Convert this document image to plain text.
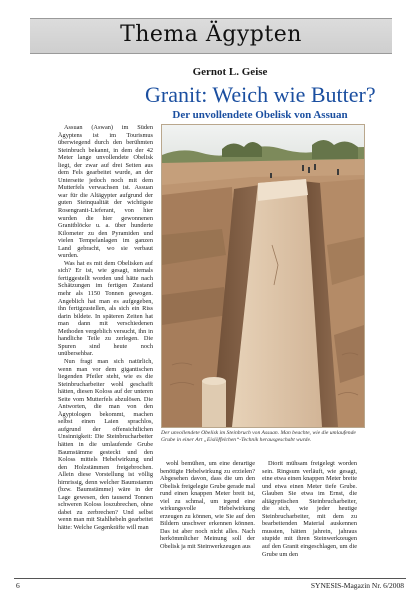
Thema Ägypten
Gernot L. Geise
Granit: Weich wie Butter?
Der unvollendete Obelisk von Assuan

Assuan (Aswan) im Süden Ägyptens ist im Tourismus überwiegend durch den berühmten Steinbruch bekannt, in dem der 42 Meter lange unvollendete Obelisk liegt, der zwar auf drei Seiten aus dem Fels gearbeitet wurde, an der Unterseite jedoch noch mit dem Mutterfels verwachsen ist. Assuan war für die Altägypter aufgrund der guten Steinqualität der wichtigste Rosengranit-Lieferant, von hier wurden die hier gewonnenen Granitblöcke u. a. über hunderte Kilometer zu den Pyramiden und vielen Tempelanlagen im ganzen Land gebracht, wo sie verbaut wurden.

Was hat es mit dem Obelisken auf sich? Er ist, wie gesagt, niemals fertiggestellt worden und hätte nach Schätzungen im fertigen Zustand mehr als 1150 Tonnen gewogen. Angeblich hat man es aufgegeben, ihn fertigzustellen, als sich ein Riss darin bildete. In späteren Zeiten hat man dann mit verschiedenen Methoden vergeblich versucht, ihn in handliche Teile zu zerlegen. Die Spuren sind heute noch unübersehbar.

Nun fragt man sich natürlich, wenn man vor dem gigantischen liegenden Pfeiler steht, wie es die Steinbrucharbeiter wohl geschafft hätten, diesen Koloss auf der unteren Seite vom Mutterfels abzulösen. Die Antworten, die man von den Ägyptologen bekommt, machen selbst einen Laien sprachlos, aufgrund der offensichtlichen Unsinnigkeit: Die Steinbrucharbeiter hätten in die umlaufende Grube Baumstämme gesteckt und den Koloss mittels Hebelwirkung und den Holzstämmen freigebrochen. Allein diese Vorstellung ist völlig hirnrissig, denn welcher Baumstamm (bzw. Baumstämme) wäre in der Lage gewesen, den tausend Tonnen schweren Koloss loszubrechen, ohne dabei zu zerbrechen? Und selbst wenn man mit Stahlhebeln gearbeitet hätte: Welche Gegenkräfte will man

Der unvollendete Obelisk im Steinbruch von Assuan. Man beachte, wie die umlaufende Grube in einer Art „Eislöffelchen“-Technik herausgeschabt wurde.

wohl bemühen, um eine derartige benötigte Hebelwirkung zu erzielen? Abgesehen davon, dass die um den Obelisk freigelegte Grube gerade mal rund einen knappen Meter breit ist, viel zu schmal, um irgend eine wirkungsvolle Hebelwirkung erzeugen zu können, wie Sie auf den Bildern unschwer erkennen können. Das ist aber noch nicht alles. Nach herkömmlicher Meinung soll der Obelisk ja mit Steinwerkzeugen aus

Diorit mühsam freigelegt worden sein. Ringsum verläuft, wie gesagt, eine etwa einen knappen Meter breite und etwa einen Meter tiefe Grube. Glauben Sie etwa im Ernst, die altägyptischen Steinbrucharbeiter, die sich, wie jeder heutige Steinbrucharbeiter, mit dem zu bearbeitenden Material auskennen mussten, hätten jahrein, jahraus stupide mit ihren Steinwerkzeugen auf den Granit eingeschlagen, um die Grube um den

6	SYNESIS-Magazin Nr. 6/2008
